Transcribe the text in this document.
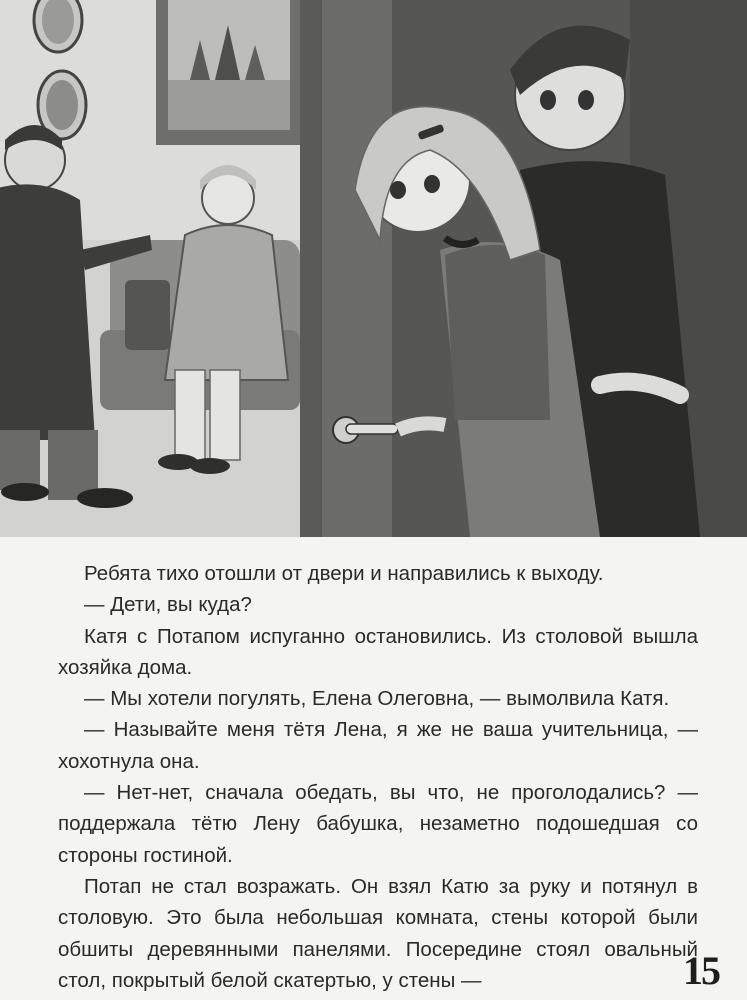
Ребята тихо отошли от двери и направились к выходу.

— Дети, вы куда?

Катя с Потапом испуганно остановились. Из столовой вышла хозяйка дома.

— Мы хотели погулять, Елена Олеговна, — вымолвила Катя.

— Называйте меня тётя Лена, я же не ваша учительница, — хохотнула она.

— Нет-нет, сначала обедать, вы что, не проголодались? — поддержала тётю Лену бабушка, незаметно подошедшая со стороны гостиной.

Потап не стал возражать. Он взял Катю за руку и потянул в столовую. Это была небольшая комната, стены которой были обшиты деревянными панелями. Посередине стоял овальный стол, покрытый белой скатертью, у стены —	15
